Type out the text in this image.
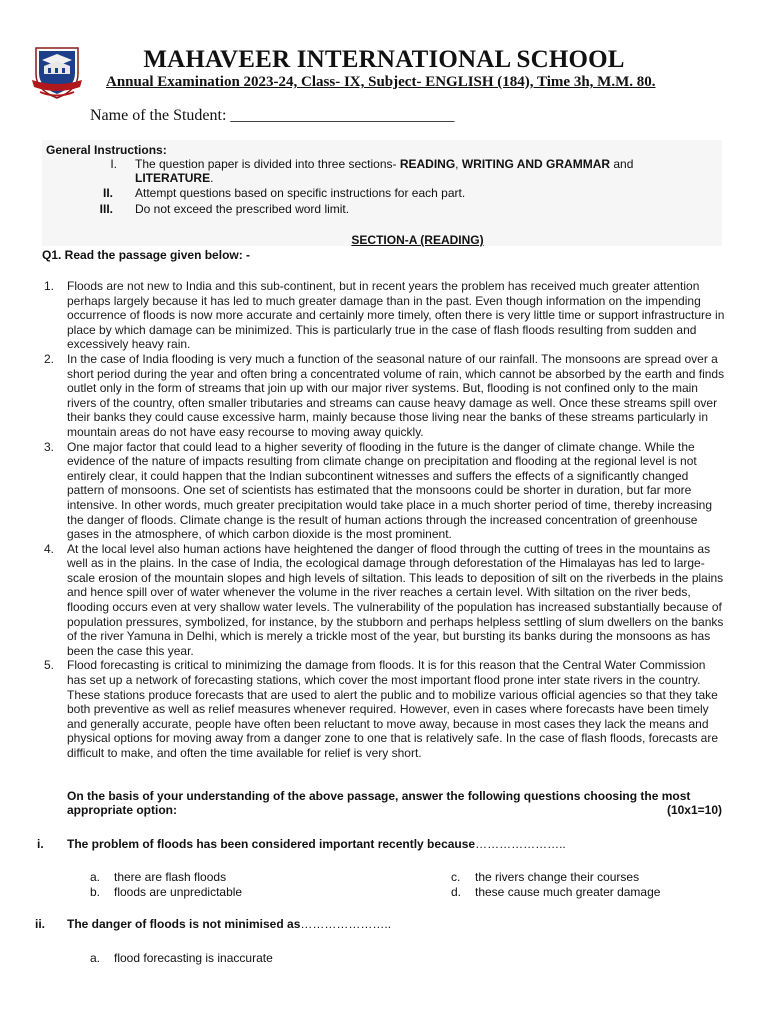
MAHAVEER INTERNATIONAL SCHOOL
Annual Examination 2023-24, Class- IX, Subject- ENGLISH (184), Time 3h, M.M. 80.
Name of the Student: ____________________________
General Instructions:
I. The question paper is divided into three sections- READING, WRITING AND GRAMMAR and
LITERATURE.
II. Attempt questions based on specific instructions for each part.
III. Do not exceed the prescribed word limit.
SECTION-A (READING)
Q1. Read the passage given below: -
1. Floods are not new to India and this sub-continent, but in recent years the problem has received much greater attention perhaps largely because it has led to much greater damage than in the past. Even though information on the impending occurrence of floods is now more accurate and certainly more timely, often there is very little time or support infrastructure in place by which damage can be minimized. This is particularly true in the case of flash floods resulting from sudden and excessively heavy rain.
2. In the case of India flooding is very much a function of the seasonal nature of our rainfall. The monsoons are spread over a short period during the year and often bring a concentrated volume of rain, which cannot be absorbed by the earth and finds outlet only in the form of streams that join up with our major river systems. But, flooding is not confined only to the main rivers of the country, often smaller tributaries and streams can cause heavy damage as well. Once these streams spill over their banks they could cause excessive harm, mainly because those living near the banks of these streams particularly in mountain areas do not have easy recourse to moving away quickly.
3. One major factor that could lead to a higher severity of flooding in the future is the danger of climate change. While the evidence of the nature of impacts resulting from climate change on precipitation and flooding at the regional level is not entirely clear, it could happen that the Indian subcontinent witnesses and suffers the effects of a significantly changed pattern of monsoons. One set of scientists has estimated that the monsoons could be shorter in duration, but far more intensive. In other words, much greater precipitation would take place in a much shorter period of time, thereby increasing the danger of floods. Climate change is the result of human actions through the increased concentration of greenhouse gases in the atmosphere, of which carbon dioxide is the most prominent.
4. At the local level also human actions have heightened the danger of flood through the cutting of trees in the mountains as well as in the plains. In the case of India, the ecological damage through deforestation of the Himalayas has led to large-scale erosion of the mountain slopes and high levels of siltation. This leads to deposition of silt on the riverbeds in the plains and hence spill over of water whenever the volume in the river reaches a certain level. With siltation on the river beds, flooding occurs even at very shallow water levels. The vulnerability of the population has increased substantially because of population pressures, symbolized, for instance, by the stubborn and perhaps helpless settling of slum dwellers on the banks of the river Yamuna in Delhi, which is merely a trickle most of the year, but bursting its banks during the monsoons as has been the case this year.
5. Flood forecasting is critical to minimizing the damage from floods. It is for this reason that the Central Water Commission has set up a network of forecasting stations, which cover the most important flood prone inter state rivers in the country. These stations produce forecasts that are used to alert the public and to mobilize various official agencies so that they take both preventive as well as relief measures whenever required. However, even in cases where forecasts have been timely and generally accurate, people have often been reluctant to move away, because in most cases they lack the means and physical options for moving away from a danger zone to one that is relatively safe. In the case of flash floods, forecasts are difficult to make, and often the time available for relief is very short.
On the basis of your understanding of the above passage, answer the following questions choosing the most appropriate option:	(10x1=10)
i. The problem of floods has been considered important recently because…………………..
a. there are flash floods
b. floods are unpredictable
c. the rivers change their courses
d. these cause much greater damage
ii. The danger of floods is not minimised as…………………..
a. flood forecasting is inaccurate
